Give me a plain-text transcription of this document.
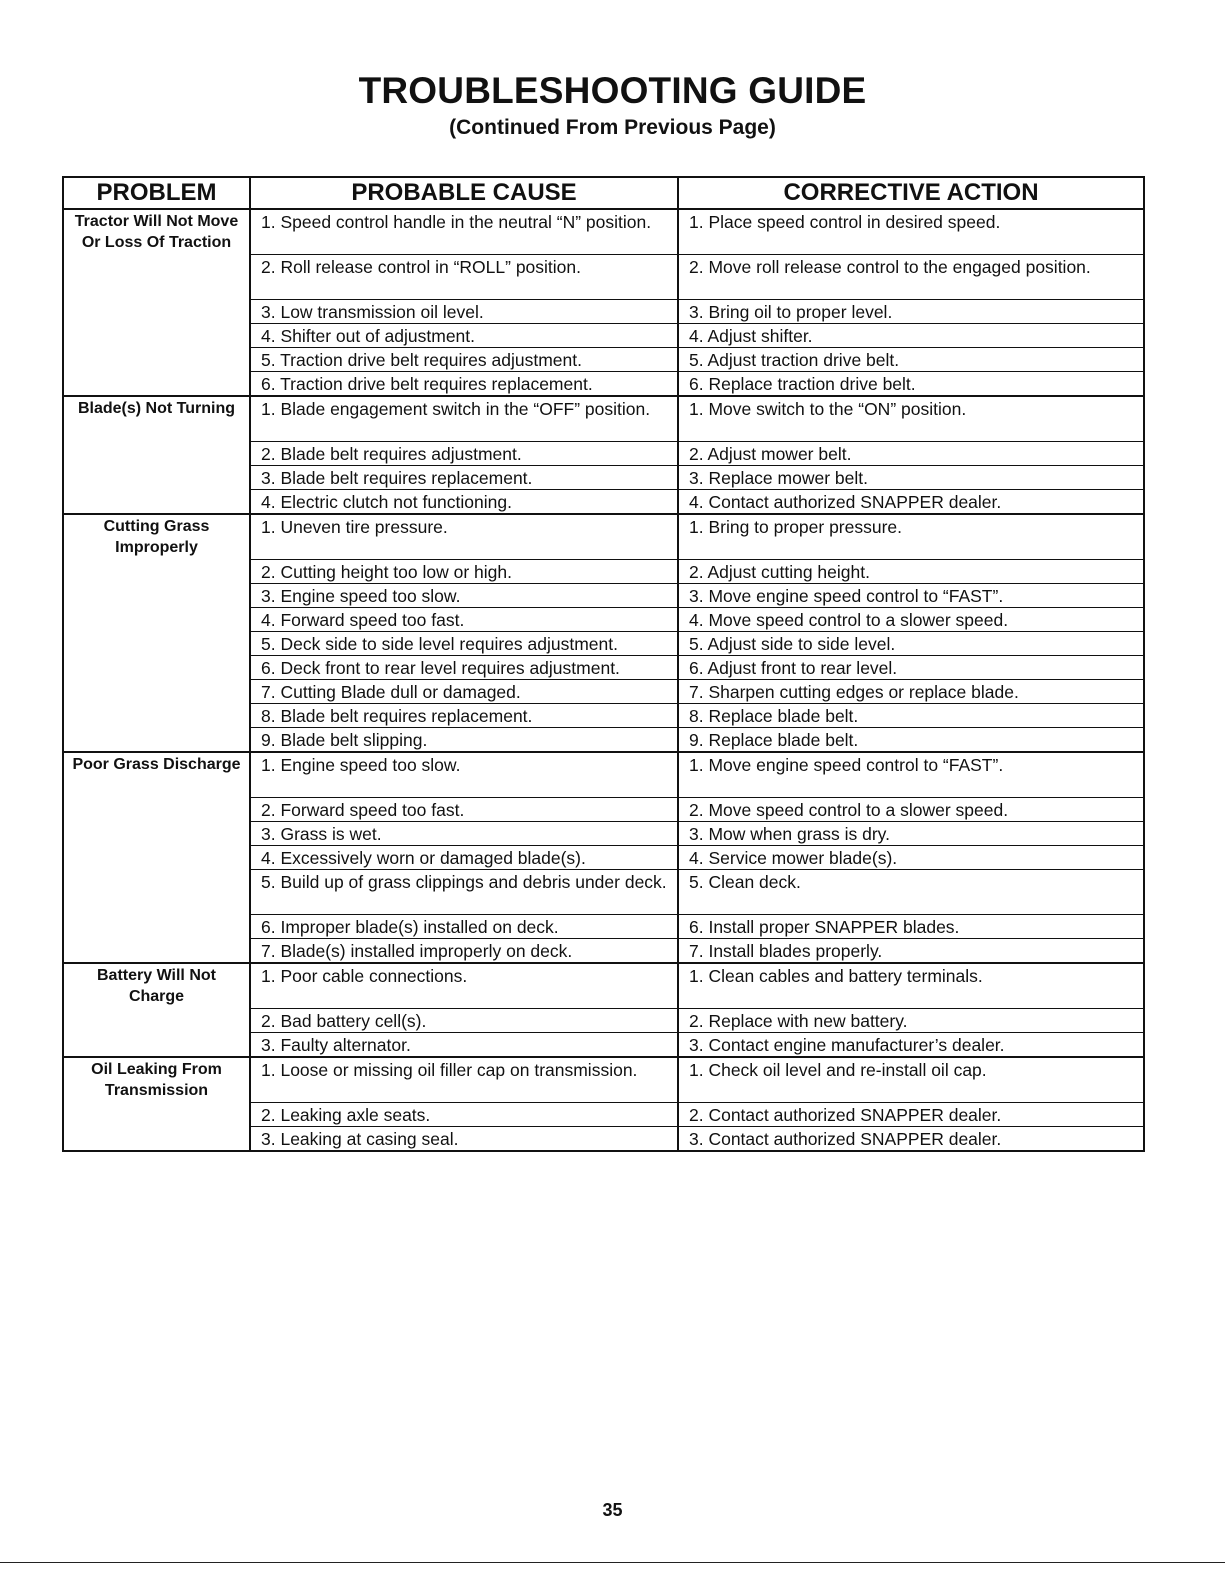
TROUBLESHOOTING GUIDE
(Continued From Previous Page)
PROBLEM	PROBABLE CAUSE	CORRECTIVE ACTION
Tractor Will Not Move Or Loss Of Traction	1. Speed control handle in the neutral “N” position.	1. Place speed control in desired speed.
	2. Roll release control in “ROLL” position.	2. Move roll release control to the engaged position.
	3. Low transmission oil level.	3. Bring oil to proper level.
	4. Shifter out of adjustment.	4. Adjust shifter.
	5. Traction drive belt requires adjustment.	5. Adjust traction drive belt.
	6. Traction drive belt requires replacement.	6. Replace traction drive belt.
Blade(s) Not Turning	1. Blade engagement switch in the “OFF” position.	1. Move switch to the “ON” position.
	2. Blade belt requires adjustment.	2. Adjust mower belt.
	3. Blade belt requires replacement.	3. Replace mower belt.
	4. Electric clutch not functioning.	4. Contact authorized SNAPPER dealer.
Cutting Grass Improperly	1. Uneven tire pressure.	1. Bring to proper pressure.
	2. Cutting height too low or high.	2. Adjust cutting height.
	3. Engine speed too slow.	3. Move engine speed control to “FAST”.
	4. Forward speed too fast.	4. Move speed control to a slower speed.
	5. Deck side to side level requires adjustment.	5. Adjust side to side level.
	6. Deck front to rear level requires adjustment.	6. Adjust front to rear level.
	7. Cutting Blade dull or damaged.	7. Sharpen cutting edges or replace blade.
	8. Blade belt requires replacement.	8. Replace blade belt.
	9. Blade belt slipping.	9. Replace blade belt.
Poor Grass Discharge	1. Engine speed too slow.	1. Move engine speed control to “FAST”.
	2. Forward speed too fast.	2. Move speed control to a slower speed.
	3. Grass is wet.	3. Mow when grass is dry.
	4. Excessively worn or damaged blade(s).	4. Service mower blade(s).
	5. Build up of grass clippings and debris under deck.	5. Clean deck.
	6. Improper blade(s) installed on deck.	6. Install proper SNAPPER blades.
	7. Blade(s) installed improperly on deck.	7. Install blades properly.
Battery Will Not Charge	1. Poor cable connections.	1. Clean cables and battery terminals.
	2. Bad battery cell(s).	2. Replace with new battery.
	3. Faulty alternator.	3. Contact engine manufacturer’s dealer.
Oil Leaking From Transmission	1. Loose or missing oil filler cap on transmission.	1. Check oil level and re-install oil cap.
	2. Leaking axle seats.	2. Contact authorized SNAPPER dealer.
	3. Leaking at casing seal.	3. Contact authorized SNAPPER dealer.
35
